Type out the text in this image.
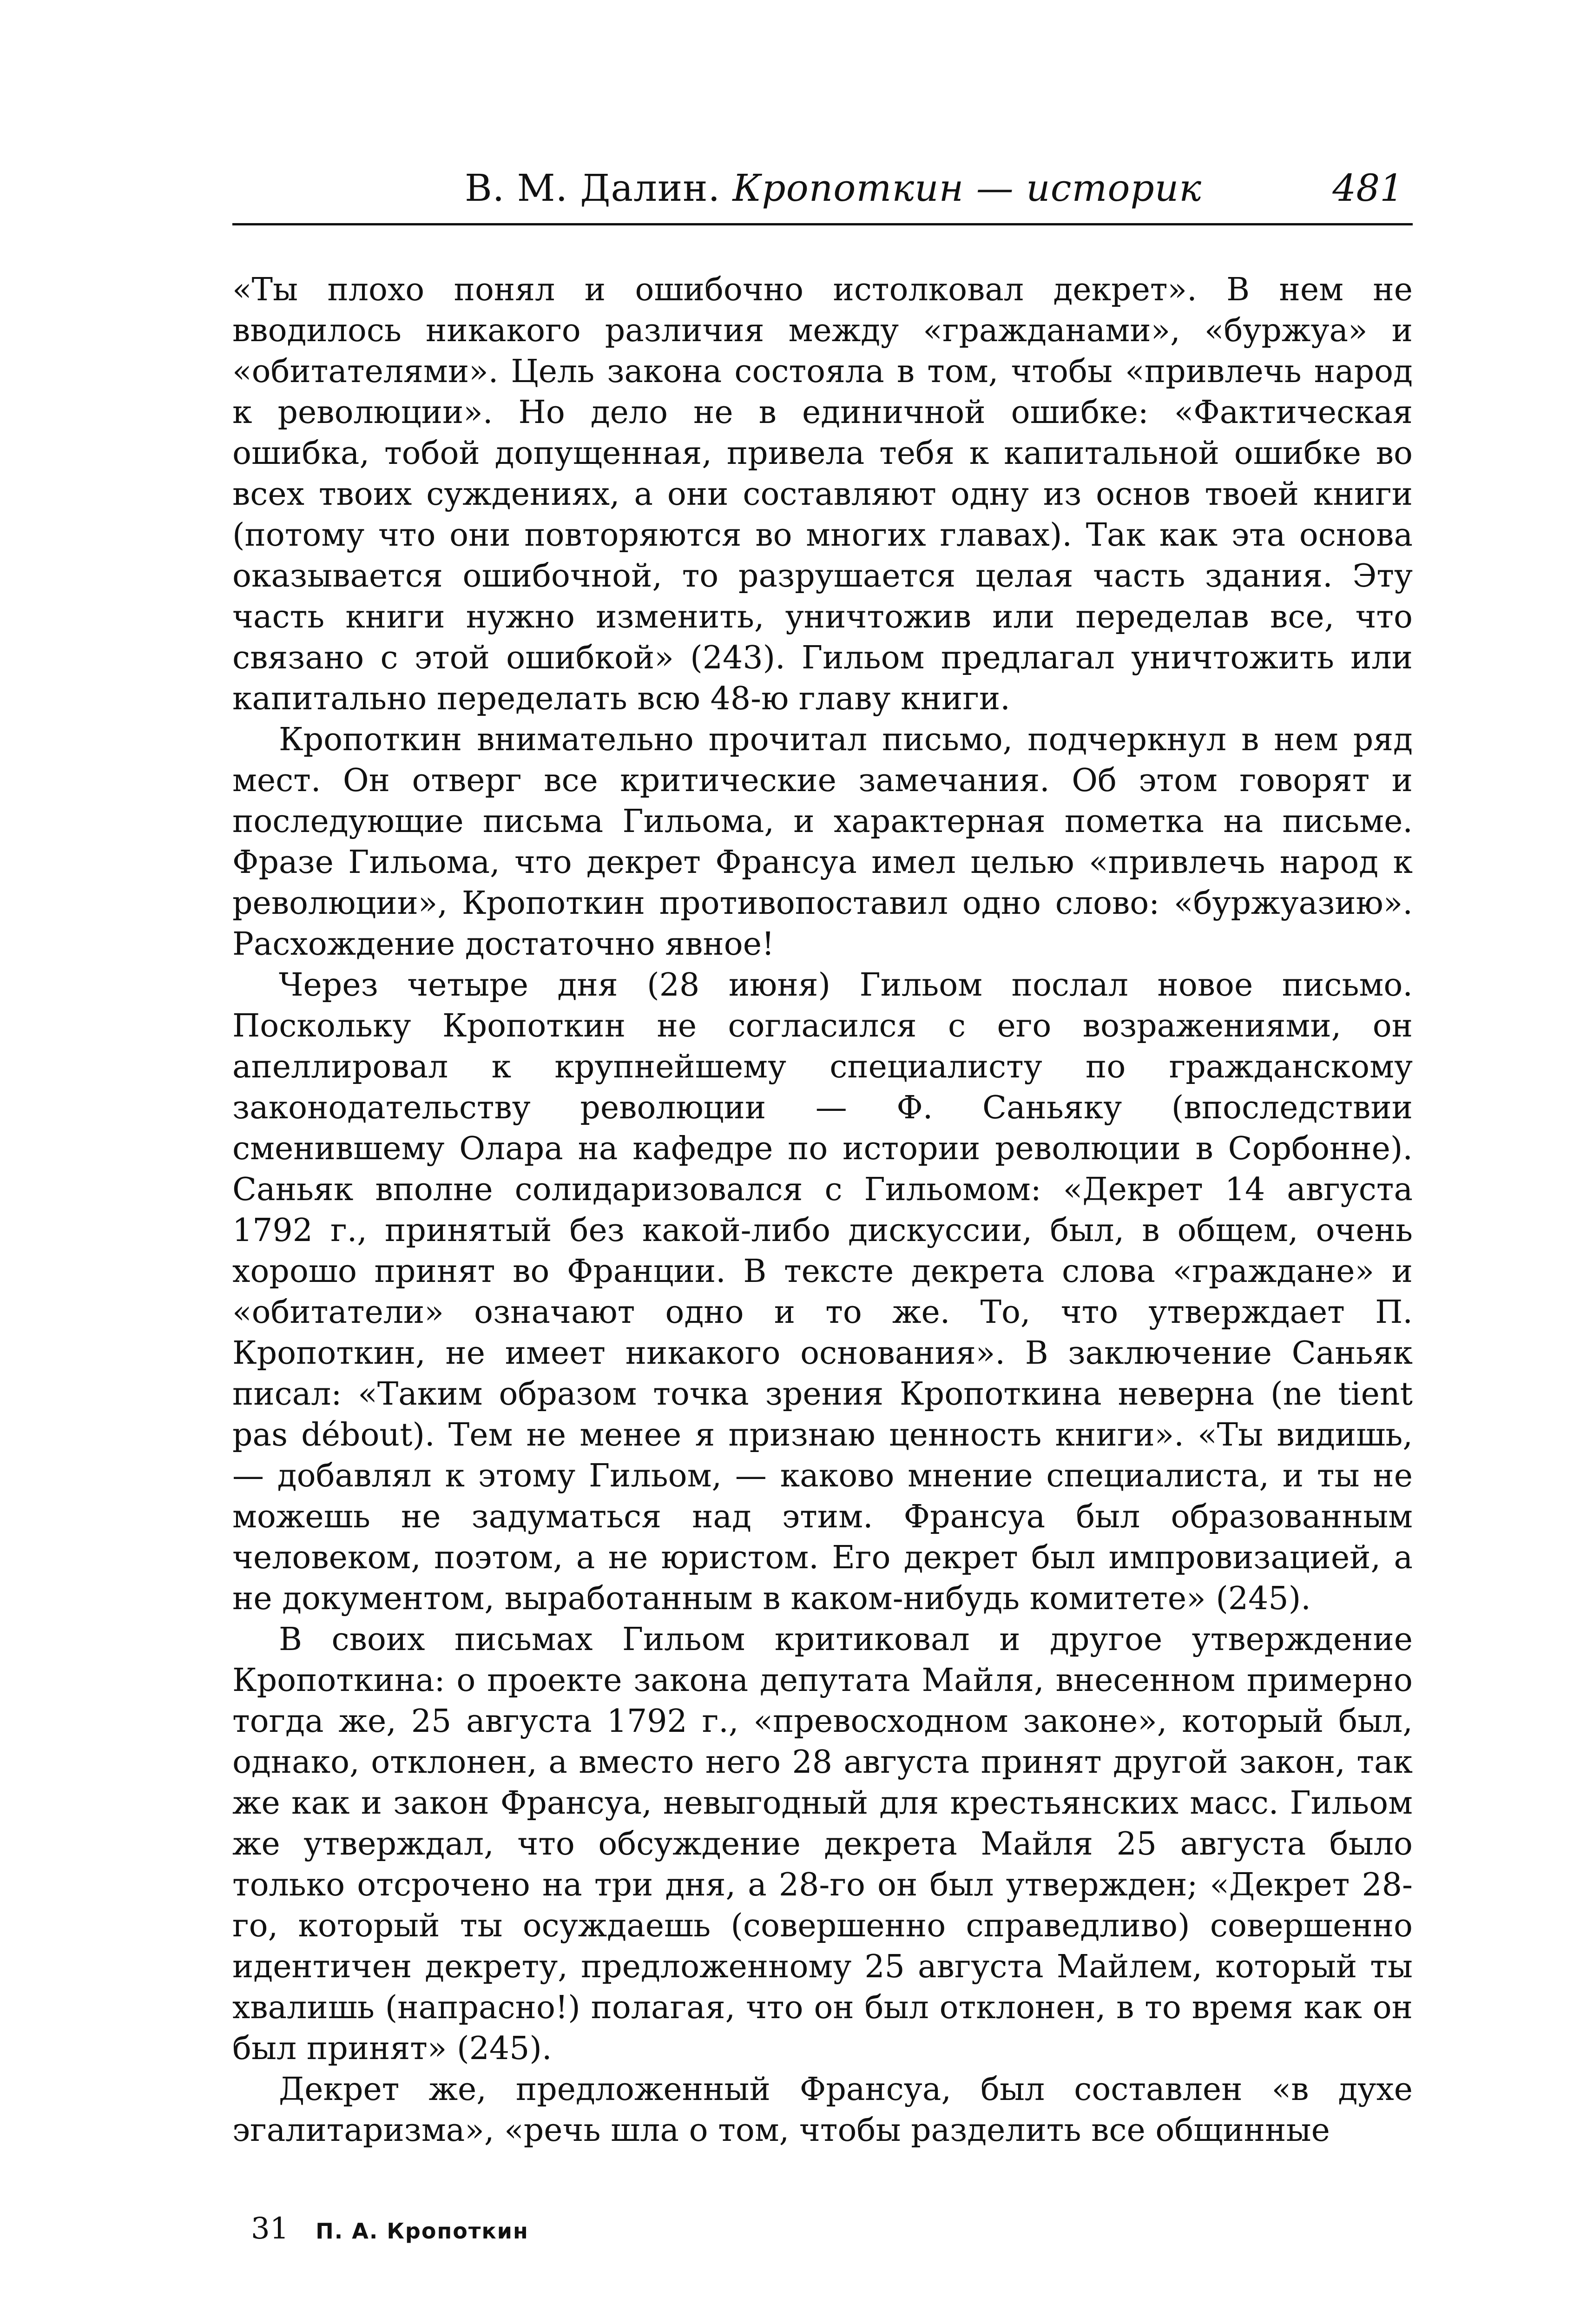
В. М. Далин. Кропоткин — историк	481

«Ты плохо понял и ошибочно истолковал декрет». В нем не вводилось никакого различия между «гражданами», «буржуа» и «обитателями». Цель закона состояла в том, чтобы «привлечь народ к революции». Но дело не в единичной ошибке: «Фактическая ошибка, тобой допущенная, привела тебя к капитальной ошибке во всех твоих суждениях, а они составляют одну из основ твоей книги (потому что они повторяются во многих главах). Так как эта основа оказывается ошибочной, то разрушается целая часть здания. Эту часть книги нужно изменить, уничтожив или переделав все, что связано с этой ошибкой» (243). Гильом предлагал уничтожить или капитально переделать всю 48-ю главу книги.

Кропоткин внимательно прочитал письмо, подчеркнул в нем ряд мест. Он отверг все критические замечания. Об этом говорят и последующие письма Гильома, и характерная пометка на письме. Фразе Гильома, что декрет Франсуа имел целью «привлечь народ к революции», Кропоткин противопоставил одно слово: «буржуазию». Расхождение достаточно явное!

Через четыре дня (28 июня) Гильом послал новое письмо. Поскольку Кропоткин не согласился с его возражениями, он апеллировал к крупнейшему специалисту по гражданскому законодательству революции — Ф. Саньяку (впоследствии сменившему Олара на кафедре по истории революции в Сорбонне). Саньяк вполне солидаризовался с Гильомом: «Декрет 14 августа 1792 г., принятый без какой-либо дискуссии, был, в общем, очень хорошо принят во Франции. В тексте декрета слова «граждане» и «обитатели» означают одно и то же. То, что утверждает П. Кропоткин, не имеет никакого основания». В заключение Саньяк писал: «Таким образом точка зрения Кропоткина неверна (ne tient pas débout). Тем не менее я признаю ценность книги». «Ты видишь, — добавлял к этому Гильом, — каково мнение специалиста, и ты не можешь не задуматься над этим. Франсуа был образованным человеком, поэтом, а не юристом. Его декрет был импровизацией, а не документом, выработанным в каком-нибудь комитете» (245).

В своих письмах Гильом критиковал и другое утверждение Кропоткина: о проекте закона депутата Майля, внесенном примерно тогда же, 25 августа 1792 г., «превосходном законе», который был, однако, отклонен, а вместо него 28 августа принят другой закон, так же как и закон Франсуа, невыгодный для крестьянских масс. Гильом же утверждал, что обсуждение декрета Майля 25 августа было только отсрочено на три дня, а 28-го он был утвержден; «Декрет 28-го, который ты осуждаешь (совершенно справедливо) совершенно идентичен декрету, предложенному 25 августа Майлем, который ты хвалишь (напрасно!) полагая, что он был отклонен, в то время как он был принят» (245).

Декрет же, предложенный Франсуа, был составлен «в духе эгалитаризма», «речь шла о том, чтобы разделить все общинные

31 П. А. Кропоткин
